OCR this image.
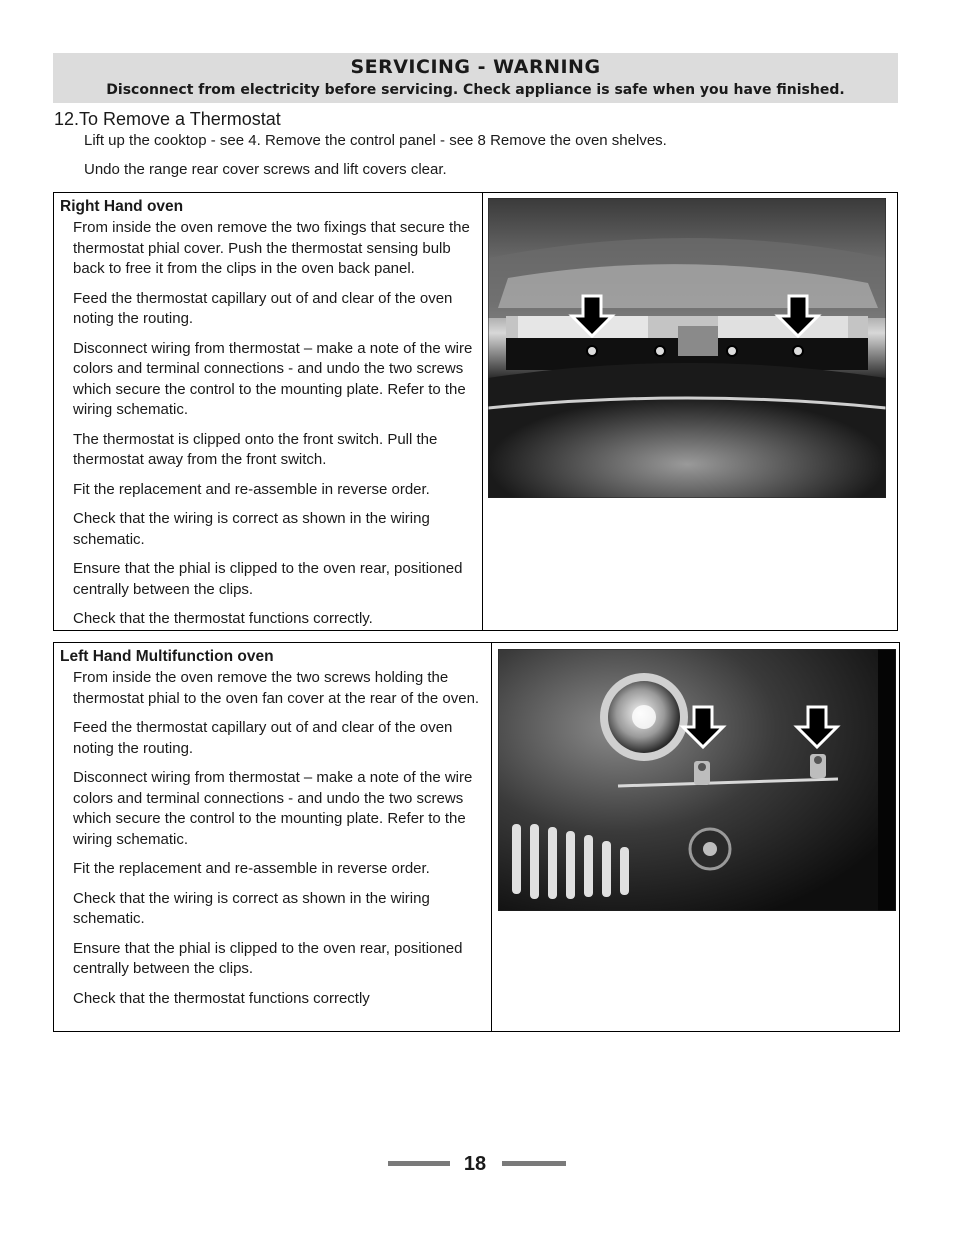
SERVICING - WARNING
Disconnect from electricity before servicing. Check appliance is safe when you have finished.
12.To Remove a Thermostat

Lift up the cooktop - see 4. Remove the control panel - see 8 Remove the oven shelves.

Undo the range rear cover screws and lift covers clear.

Right Hand oven
From inside the oven remove the two fixings that secure the thermostat phial cover. Push the thermostat sensing bulb back to free it from the clips in the oven back panel.
Feed the thermostat capillary out of and clear of the oven noting the routing.
Disconnect wiring from thermostat – make a note of the wire colors and terminal connections - and undo the two screws which secure the control to the mounting plate. Refer to the wiring schematic.
The thermostat is clipped onto the front switch. Pull the thermostat away from the front switch.
Fit the replacement and re-assemble in reverse order.
Check that the wiring is correct as shown in the wiring schematic.
Ensure that the phial is clipped to the oven rear, positioned centrally between the clips.
Check that the thermostat functions correctly.
Left Hand Multifunction oven
From inside the oven remove the two screws holding the thermostat phial to the oven fan cover at the rear of the oven.
Feed the thermostat capillary out of and clear of the oven noting the routing.
Disconnect wiring from thermostat – make a note of the wire colors and terminal connections - and undo the two screws which secure the control to the mounting plate. Refer to the wiring schematic.
Fit the replacement and re-assemble in reverse order.
Check that the wiring is correct as shown in the wiring schematic.
Ensure that the phial is clipped to the oven rear, positioned centrally between the clips.
Check that the thermostat functions correctly
18
